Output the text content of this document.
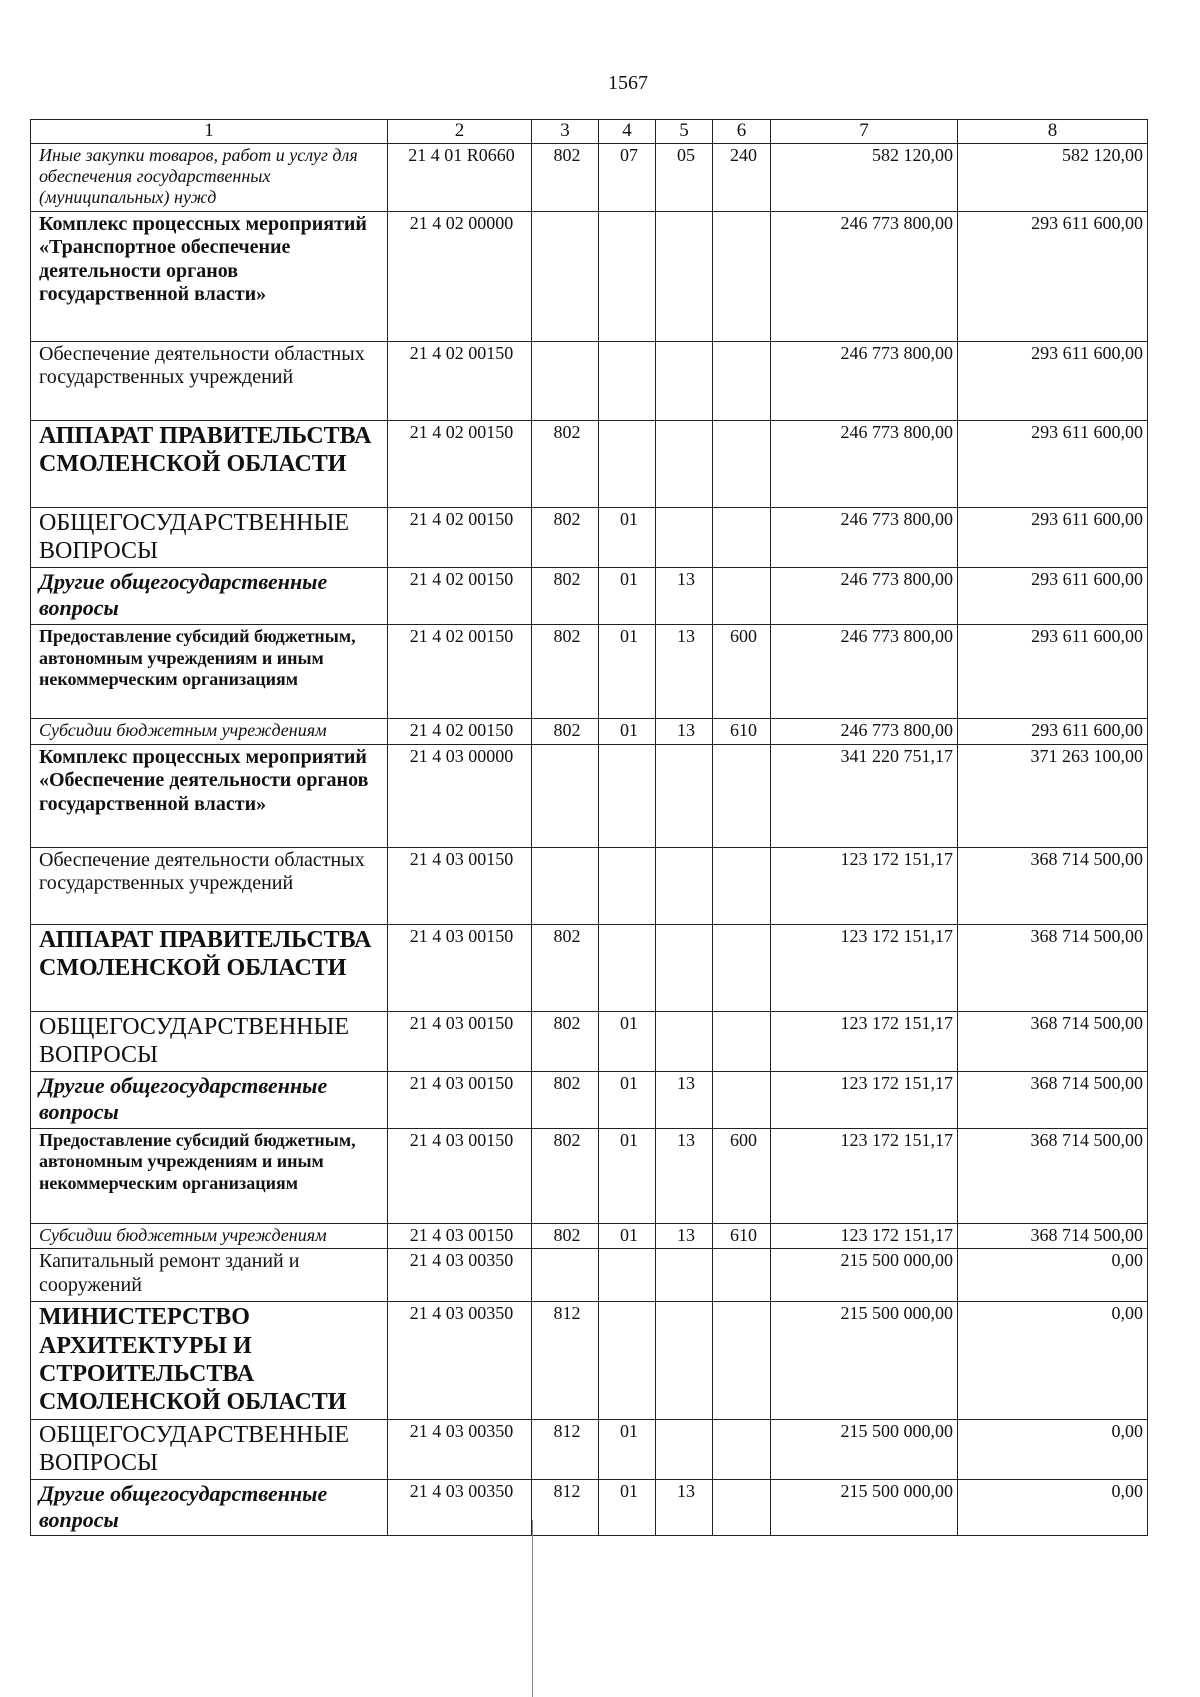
1567
1	2	3	4	5	6	7	8
Иные закупки товаров, работ и услуг для обеспечения государственных (муниципальных) нужд	21 4 01 R0660	802	07	05	240	582 120,00	582 120,00
Комплекс процессных мероприятий «Транспортное обеспечение деятельности органов государственной власти»	21 4 02 00000					246 773 800,00	293 611 600,00
Обеспечение деятельности областных государственных учреждений	21 4 02 00150					246 773 800,00	293 611 600,00
АППАРАТ ПРАВИТЕЛЬСТВА СМОЛЕНСКОЙ ОБЛАСТИ	21 4 02 00150	802				246 773 800,00	293 611 600,00
ОБЩЕГОСУДАРСТВЕННЫЕ ВОПРОСЫ	21 4 02 00150	802	01			246 773 800,00	293 611 600,00
Другие общегосударственные вопросы	21 4 02 00150	802	01	13		246 773 800,00	293 611 600,00
Предоставление субсидий бюджетным, автономным учреждениям и иным некоммерческим организациям	21 4 02 00150	802	01	13	600	246 773 800,00	293 611 600,00
Субсидии бюджетным учреждениям	21 4 02 00150	802	01	13	610	246 773 800,00	293 611 600,00
Комплекс процессных мероприятий «Обеспечение деятельности органов государственной власти»	21 4 03 00000					341 220 751,17	371 263 100,00
Обеспечение деятельности областных государственных учреждений	21 4 03 00150					123 172 151,17	368 714 500,00
АППАРАТ ПРАВИТЕЛЬСТВА СМОЛЕНСКОЙ ОБЛАСТИ	21 4 03 00150	802				123 172 151,17	368 714 500,00
ОБЩЕГОСУДАРСТВЕННЫЕ ВОПРОСЫ	21 4 03 00150	802	01			123 172 151,17	368 714 500,00
Другие общегосударственные вопросы	21 4 03 00150	802	01	13		123 172 151,17	368 714 500,00
Предоставление субсидий бюджетным, автономным учреждениям и иным некоммерческим организациям	21 4 03 00150	802	01	13	600	123 172 151,17	368 714 500,00
Субсидии бюджетным учреждениям	21 4 03 00150	802	01	13	610	123 172 151,17	368 714 500,00
Капитальный ремонт зданий и сооружений	21 4 03 00350					215 500 000,00	0,00
МИНИСТЕРСТВО АРХИТЕКТУРЫ И СТРОИТЕЛЬСТВА СМОЛЕНСКОЙ ОБЛАСТИ	21 4 03 00350	812				215 500 000,00	0,00
ОБЩЕГОСУДАРСТВЕННЫЕ ВОПРОСЫ	21 4 03 00350	812	01			215 500 000,00	0,00
Другие общегосударственные вопросы	21 4 03 00350	812	01	13		215 500 000,00	0,00
